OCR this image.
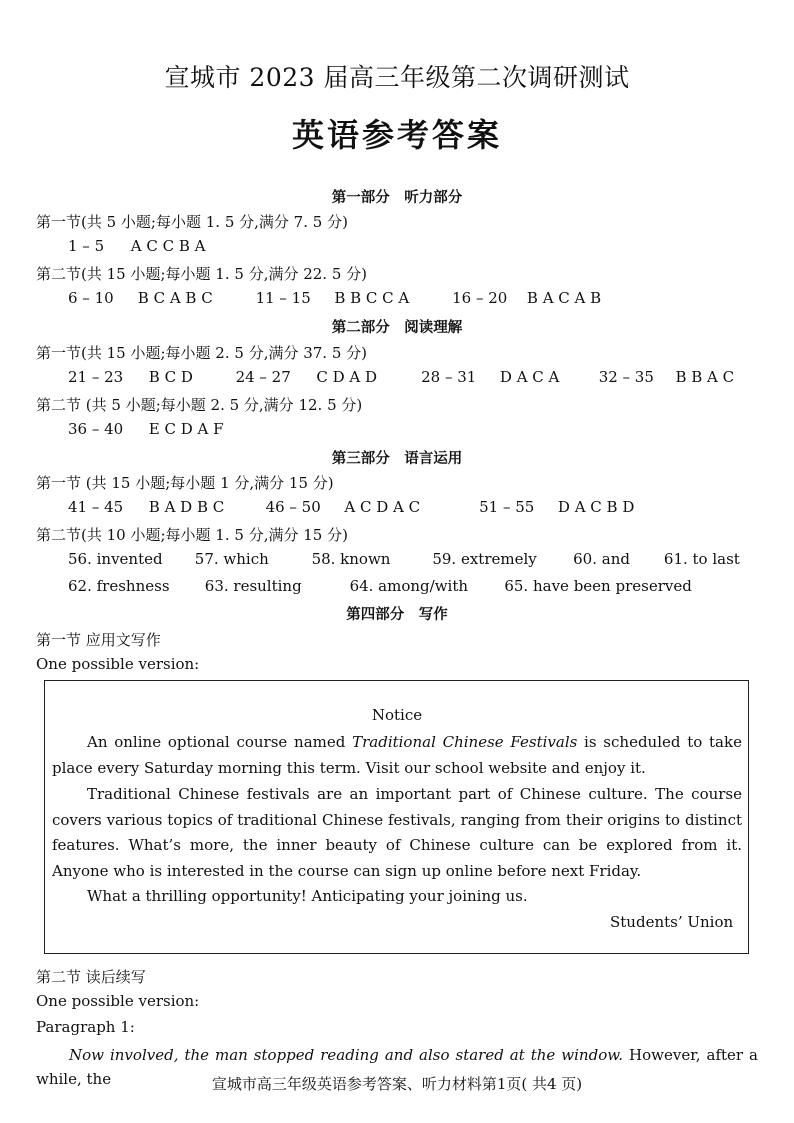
宣城市 2023 届高三年级第二次调研测试
英语参考答案
第一部分　听力部分
第一节(共 5 小题;每小题 1. 5 分,满分 7. 5 分)
1 – 5 A C C B A
第二节(共 15 小题;每小题 1. 5 分,满分 22. 5 分)
6 – 10 B C A B C	11 – 15 B B C C A	16 – 20 B A C A B
第二部分　阅读理解
第一节(共 15 小题;每小题 2. 5 分,满分 37. 5 分)
21 – 23 B C D	24 – 27 C D A D	28 – 31 D A C A	32 – 35 B B A C
第二节 (共 5 小题;每小题 2. 5 分,满分 12. 5 分)
36 – 40 E C D A F
第三部分　语言运用
第一节 (共 15 小题;每小题 1 分,满分 15 分)
41 – 45 B A D B C	46 – 50 A C D A C	51 – 55 D A C B D
第二节(共 10 小题;每小题 1. 5 分,满分 15 分)
56. invented 57. which	58. known	59. extremely 60. and 61. to last
62. freshness 63. resulting	64. among/with 65. have been preserved
第四部分　写作
第一节 应用文写作
One possible version:
Notice
An online optional course named Traditional Chinese Festivals is scheduled to take place every Saturday morning this term. Visit our school website and enjoy it.
Traditional Chinese festivals are an important part of Chinese culture. The course covers various topics of traditional Chinese festivals, ranging from their origins to distinct features. What’s more, the inner beauty of Chinese culture can be explored from it. Anyone who is interested in the course can sign up online before next Friday.
What a thrilling opportunity! Anticipating your joining us.
Students’ Union
第二节 读后续写
One possible version:
Paragraph 1:
Now involved, the man stopped reading and also stared at the window. However, after a while, the	宣城市高三年级英语参考答案、听力材料第1页( 共4 页)
